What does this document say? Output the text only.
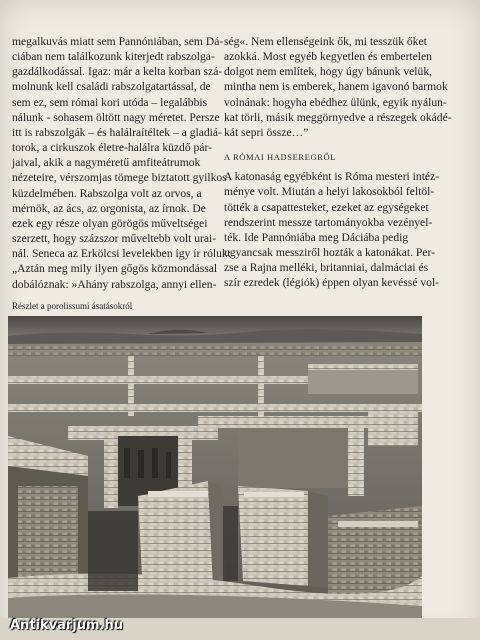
megalkuvás miatt sem Pannóniában, sem Dá-
ciában nem találkozunk kiterjedt rabszolga-
gazdálkodással. Igaz: már a kelta korban szá-
molnunk kell családi rabszolgatartással, de
sem ez, sem római kori utóda – legalábbis
nálunk - sohasem öltött nagy méretet. Persze
itt is rabszolgák – és halálraítéltek – a gladiá-
torok, a cirkuszok életre-halálra küzdő pár-
jaival, akik a nagyméretű amfiteátrumok
nézeteire, vérszomjas tömege biztatott gyilkos
küzdelmében. Rabszolga volt az orvos, a
mérnök, az ács, az orgonista, az írnok. De
ezek egy része olyan görögös műveltségei
szerzett, hogy százszor műveltebb volt urai-
nál. Seneca az Erkölcsi levelekben így ír róluk:
„Aztán meg mily ilyen gőgös közmondással
dobálóznak: »Ahány rabszolga, annyi ellen-

ség«. Nem ellenségeink ők, mi tesszük őket
azokká. Most egyéb kegyetlen és embertelen
dolgot nem említek, hogy úgy bánunk velük,
mintha nem is emberek, hanem igavonó barmok
volnának: hogyha ebédhez ülünk, egyik nyálun-
kat törli, másik meggörnyedve a részegek okádé-
kát sepri össze…”

A RÓMAI HADSEREGRŐL

A katonaság egyébként is Róma mesteri intéz-
ménye volt. Miután a helyi lakosokból feltöl-
tötték a csapattesteket, ezeket az egységeket
rendszerint messze tartományokba vezényel-
ték. Ide Pannóniába meg Dáciába pedig
ugyancsak messziről hozták a katonákat. Per-
zse a Rajna melléki, britanniai, dalmáciai és
szír ezredek (légiók) éppen olyan kevéssé vol-

Részlet a porolissumi ásatásokról
Antikvarjum.hu
